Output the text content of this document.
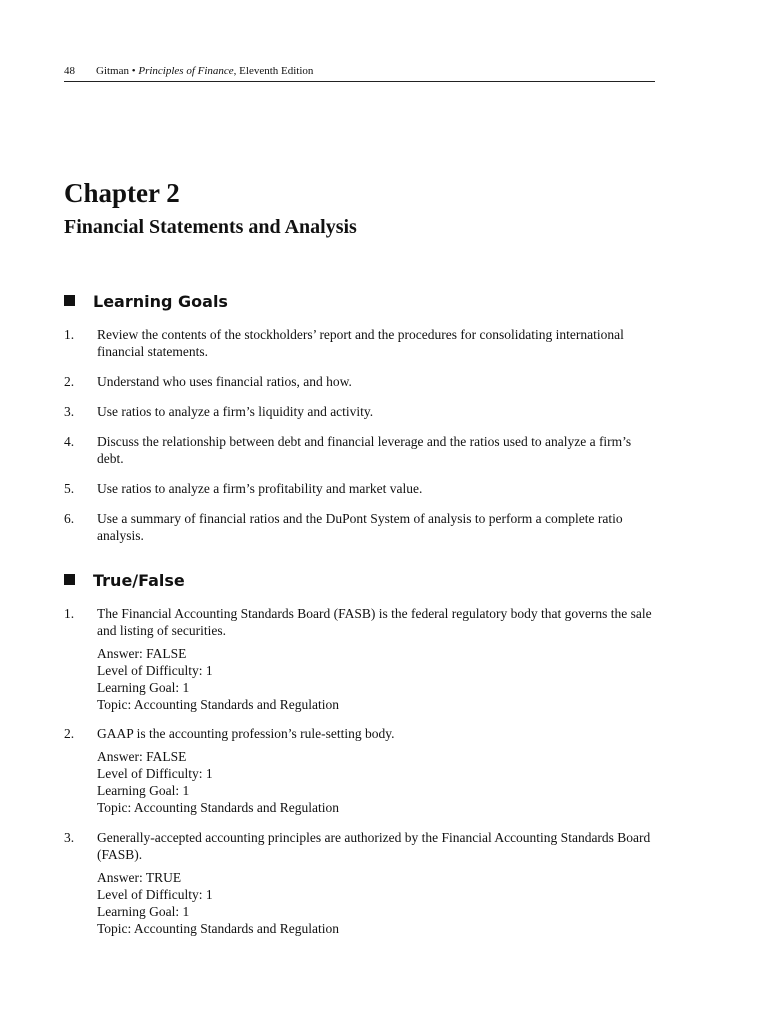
48 Gitman • Principles of Finance, Eleventh Edition
Chapter 2
Financial Statements and Analysis
Learning Goals
1. Review the contents of the stockholders’ report and the procedures for consolidating international financial statements.
2. Understand who uses financial ratios, and how.
3. Use ratios to analyze a firm’s liquidity and activity.
4. Discuss the relationship between debt and financial leverage and the ratios used to analyze a firm’s debt.
5. Use ratios to analyze a firm’s profitability and market value.
6. Use a summary of financial ratios and the DuPont System of analysis to perform a complete ratio analysis.
True/False
1. The Financial Accounting Standards Board (FASB) is the federal regulatory body that governs the sale and listing of securities.
Answer: FALSE
Level of Difficulty: 1
Learning Goal: 1
Topic: Accounting Standards and Regulation
2. GAAP is the accounting profession’s rule-setting body.
Answer: FALSE
Level of Difficulty: 1
Learning Goal: 1
Topic: Accounting Standards and Regulation
3. Generally-accepted accounting principles are authorized by the Financial Accounting Standards Board (FASB).
Answer: TRUE
Level of Difficulty: 1
Learning Goal: 1
Topic: Accounting Standards and Regulation
